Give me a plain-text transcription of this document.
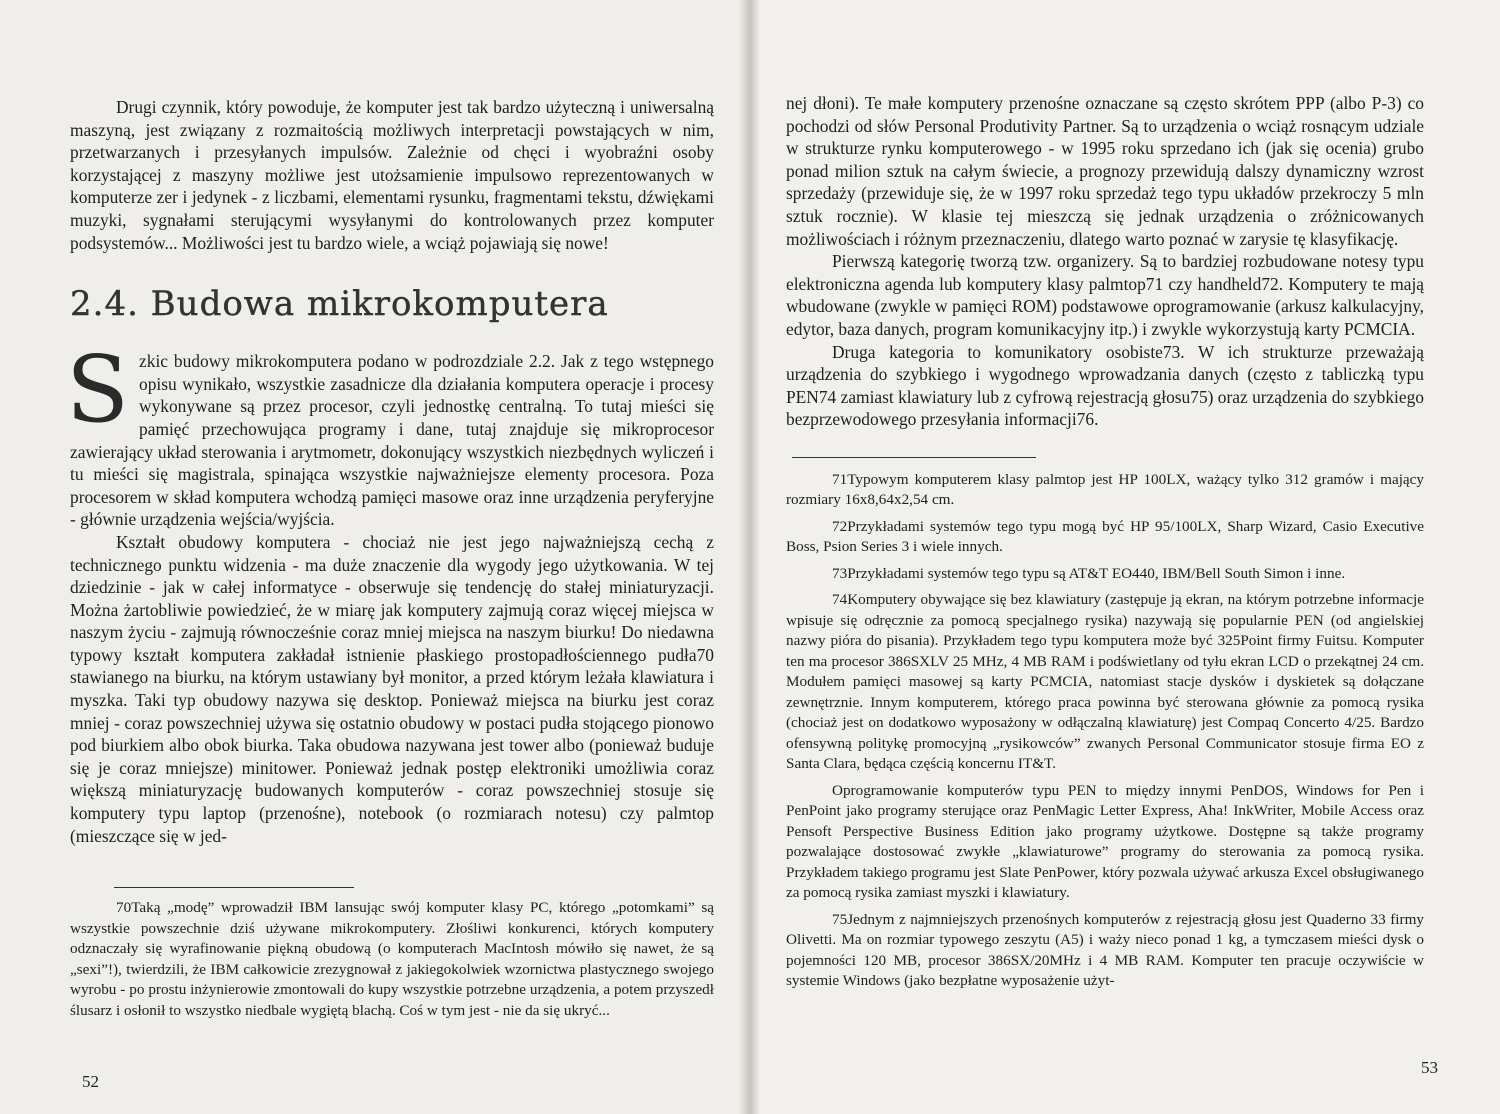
Drugi czynnik, który powoduje, że komputer jest tak bardzo użyteczną i uniwersalną maszyną, jest związany z rozmaitością możliwych interpretacji powstających w nim, przetwarzanych i przesyłanych impulsów. Zależnie od chęci i wyobraźni osoby korzystającej z maszyny możliwe jest utożsamienie impulsowo reprezentowanych w komputerze zer i jedynek - z liczbami, elementami rysunku, fragmentami tekstu, dźwiękami muzyki, sygnałami sterującymi wysyłanymi do kontrolowanych przez komputer podsystemów... Możliwości jest tu bardzo wiele, a wciąż pojawiają się nowe!

2.4. Budowa mikrokomputera

Szkic budowy mikrokomputera podano w podrozdziale 2.2. Jak z tego wstępnego opisu wynikało, wszystkie zasadnicze dla działania komputera operacje i procesy wykonywane są przez procesor, czyli jednostkę centralną. To tutaj mieści się pamięć przechowująca programy i dane, tutaj znajduje się mikroprocesor zawierający układ sterowania i arytmometr, dokonujący wszystkich niezbędnych wyliczeń i tu mieści się magistrala, spinająca wszystkie najważniejsze elementy procesora. Poza procesorem w skład komputera wchodzą pamięci masowe oraz inne urządzenia peryferyjne - głównie urządzenia wejścia/wyjścia.

Kształt obudowy komputera - chociaż nie jest jego najważniejszą cechą z technicznego punktu widzenia - ma duże znaczenie dla wygody jego użytkowania. W tej dziedzinie - jak w całej informatyce - obserwuje się tendencję do stałej miniaturyzacji. Można żartobliwie powiedzieć, że w miarę jak komputery zajmują coraz więcej miejsca w naszym życiu - zajmują równocześnie coraz mniej miejsca na naszym biurku! Do niedawna typowy kształt komputera zakładał istnienie płaskiego prostopadłościennego pudła70 stawianego na biurku, na którym ustawiany był monitor, a przed którym leżała klawiatura i myszka. Taki typ obudowy nazywa się desktop. Ponieważ miejsca na biurku jest coraz mniej - coraz powszechniej używa się ostatnio obudowy w postaci pudła stojącego pionowo pod biurkiem albo obok biurka. Taka obudowa nazywana jest tower albo (ponieważ buduje się je coraz mniejsze) minitower. Ponieważ jednak postęp elektroniki umożliwia coraz większą miniaturyzację budowanych komputerów - coraz powszechniej stosuje się komputery typu laptop (przenośne), notebook (o rozmiarach notesu) czy palmtop (mieszczące się w jed-

70Taką „modę” wprowadził IBM lansując swój komputer klasy PC, którego „potomkami” są wszystkie powszechnie dziś używane mikrokomputery. Złośliwi konkurenci, których komputery odznaczały się wyrafinowanie piękną obudową (o komputerach MacIntosh mówiło się nawet, że są „sexi”!), twierdzili, że IBM całkowicie zrezygnował z jakiegokolwiek wzornictwa plastycznego swojego wyrobu - po prostu inżynierowie zmontowali do kupy wszystkie potrzebne urządzenia, a potem przyszedł ślusarz i osłonił to wszystko niedbale wygiętą blachą. Coś w tym jest - nie da się ukryć...

52

nej dłoni). Te małe komputery przenośne oznaczane są często skrótem PPP (albo P-3) co pochodzi od słów Personal Produtivity Partner. Są to urządzenia o wciąż rosnącym udziale w strukturze rynku komputerowego - w 1995 roku sprzedano ich (jak się ocenia) grubo ponad milion sztuk na całym świecie, a prognozy przewidują dalszy dynamiczny wzrost sprzedaży (przewiduje się, że w 1997 roku sprzedaż tego typu układów przekroczy 5 mln sztuk rocznie). W klasie tej mieszczą się jednak urządzenia o zróżnicowanych możliwościach i różnym przeznaczeniu, dlatego warto poznać w zarysie tę klasyfikację.

Pierwszą kategorię tworzą tzw. organizery. Są to bardziej rozbudowane notesy typu elektroniczna agenda lub komputery klasy palmtop71 czy handheld72. Komputery te mają wbudowane (zwykle w pamięci ROM) podstawowe oprogramowanie (arkusz kalkulacyjny, edytor, baza danych, program komunikacyjny itp.) i zwykle wykorzystują karty PCMCIA.

Druga kategoria to komunikatory osobiste73. W ich strukturze przeważają urządzenia do szybkiego i wygodnego wprowadzania danych (często z tabliczką typu PEN74 zamiast klawiatury lub z cyfrową rejestracją głosu75) oraz urządzenia do szybkiego bezprzewodowego przesyłania informacji76.

71Typowym komputerem klasy palmtop jest HP 100LX, ważący tylko 312 gramów i mający rozmiary 16x8,64x2,54 cm.

72Przykładami systemów tego typu mogą być HP 95/100LX, Sharp Wizard, Casio Executive Boss, Psion Series 3 i wiele innych.

73Przykładami systemów tego typu są AT&T EO440, IBM/Bell South Simon i inne.

74Komputery obywające się bez klawiatury (zastępuje ją ekran, na którym potrzebne informacje wpisuje się odręcznie za pomocą specjalnego rysika) nazywają się popularnie PEN (od angielskiej nazwy pióra do pisania). Przykładem tego typu komputera może być 325Point firmy Fuitsu. Komputer ten ma procesor 386SXLV 25 MHz, 4 MB RAM i podświetlany od tyłu ekran LCD o przekątnej 24 cm. Modułem pamięci masowej są karty PCMCIA, natomiast stacje dysków i dyskietek są dołączane zewnętrznie. Innym komputerem, którego praca powinna być sterowana głównie za pomocą rysika (chociaż jest on dodatkowo wyposażony w odłączalną klawiaturę) jest Compaq Concerto 4/25. Bardzo ofensywną politykę promocyjną „rysikowców” zwanych Personal Communicator stosuje firma EO z Santa Clara, będąca częścią koncernu IT&T.

Oprogramowanie komputerów typu PEN to między innymi PenDOS, Windows for Pen i PenPoint jako programy sterujące oraz PenMagic Letter Express, Aha! InkWriter, Mobile Access oraz Pensoft Perspective Business Edition jako programy użytkowe. Dostępne są także programy pozwalające dostosować zwykłe „klawiaturowe” programy do sterowania za pomocą rysika. Przykładem takiego programu jest Slate PenPower, który pozwala używać arkusza Excel obsługiwanego za pomocą rysika zamiast myszki i klawiatury.

75Jednym z najmniejszych przenośnych komputerów z rejestracją głosu jest Quaderno 33 firmy Olivetti. Ma on rozmiar typowego zeszytu (A5) i waży nieco ponad 1 kg, a tymczasem mieści dysk o pojemności 120 MB, procesor 386SX/20MHz i 4 MB RAM. Komputer ten pracuje oczywiście w systemie Windows (jako bezpłatne wyposażenie użyt-

53
